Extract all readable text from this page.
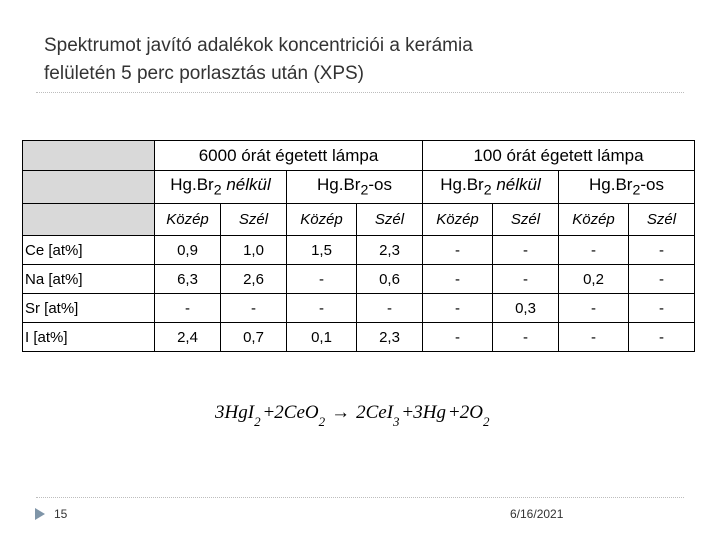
Spektrumot javító adalékok koncentriciói a kerámia
felületén 5 perc porlasztás után (XPS)
	6000 órát égetett lámpa				100 órát égetett lámpa			
	$Hg.Br_2$ nélkül		$Hg.Br_2-os$		$Hg.Br_2$ nélkül		$Hg.Br_2-os$	
	Közép	Szél	Közép	Szél	Közép	Szél	Közép	Szél
Ce [at%]	0,9	1,0	1,5	2,3	-	-	-	-
Na [at%]	6,3	2,6	-	0,6	-	-	0,2	-
Sr [at%]	-	-	-	-	-	0,3	-	-
I [at%]	2,4	0,7	0,1	2,3	-	-	-	-
$3HgI_2 +2CeO_2 \to 2CeI_3 +3Hg +2O_2$
15	6/16/2021
